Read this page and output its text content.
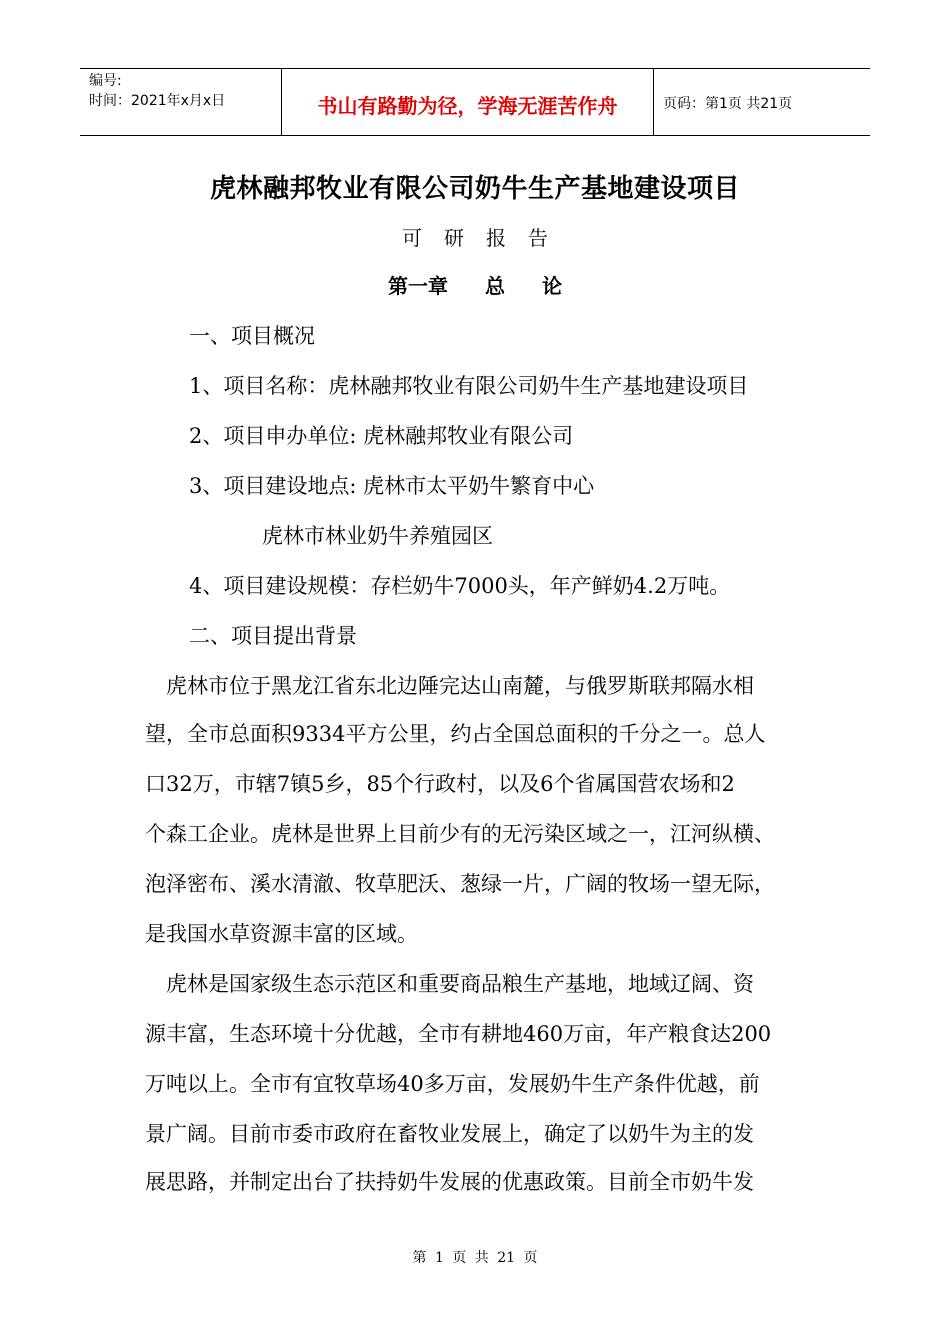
编号:
时间：2021年x月x日	书山有路勤为径，学海无涯苦作舟	页码：第1页 共21页
虎林融邦牧业有限公司奶牛生产基地建设项目
可研报告
第一章 总 论
一、项目概况
1、项目名称：虎林融邦牧业有限公司奶牛生产基地建设项目
2、项目申办单位: 虎林融邦牧业有限公司
3、项目建设地点: 虎林市太平奶牛繁育中心
虎林市林业奶牛养殖园区
4、项目建设规模：存栏奶牛7000头，年产鲜奶4.2万吨。
二、项目提出背景
虎林市位于黑龙江省东北边陲完达山南麓，与俄罗斯联邦隔水相
望，全市总面积9334平方公里，约占全国总面积的千分之一。总人
口32万，市辖7镇5乡，85个行政村，以及6个省属国营农场和2
个森工企业。虎林是世界上目前少有的无污染区域之一，江河纵横、
泡泽密布、溪水清澈、牧草肥沃、葱绿一片，广阔的牧场一望无际，
是我国水草资源丰富的区域。
虎林是国家级生态示范区和重要商品粮生产基地，地域辽阔、资
源丰富，生态环境十分优越，全市有耕地460万亩，年产粮食达200
万吨以上。全市有宜牧草场40多万亩，发展奶牛生产条件优越，前
景广阔。目前市委市政府在畜牧业发展上，确定了以奶牛为主的发
展思路，并制定出台了扶持奶牛发展的优惠政策。目前全市奶牛发
第 1 页 共 21 页
